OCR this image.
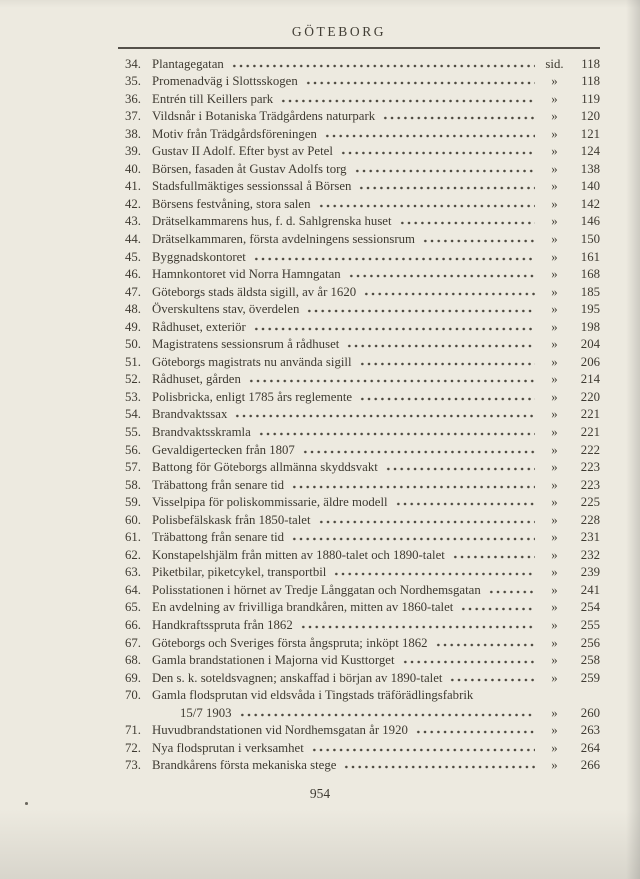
GÖTEBORG
34. Plantagegatan	sid.	118
35. Promenadväg i Slottsskogen	»	118
36. Entrén till Keillers park	»	119
37. Vildsnår i Botaniska Trädgårdens naturpark	»	120
38. Motiv från Trädgårdsföreningen	»	121
39. Gustav II Adolf. Efter byst av Petel	»	124
40. Börsen, fasaden åt Gustav Adolfs torg	»	138
41. Stadsfullmäktiges sessionssal å Börsen	»	140
42. Börsens festvåning, stora salen	»	142
43. Drätselkammarens hus, f. d. Sahlgrenska huset	»	146
44. Drätselkammaren, första avdelningens sessionsrum	»	150
45. Byggnadskontoret	»	161
46. Hamnkontoret vid Norra Hamngatan	»	168
47. Göteborgs stads äldsta sigill, av år 1620	»	185
48. Överskultens stav, överdelen	»	195
49. Rådhuset, exteriör	»	198
50. Magistratens sessionsrum å rådhuset	»	204
51. Göteborgs magistrats nu använda sigill	»	206
52. Rådhuset, gården	»	214
53. Polisbricka, enligt 1785 års reglemente	»	220
54. Brandvaktssax	»	221
55. Brandvaktsskramla	»	221
56. Gevaldigertecken från 1807	»	222
57. Battong för Göteborgs allmänna skyddsvakt	»	223
58. Träbattong från senare tid	»	223
59. Visselpipa för poliskommissarie, äldre modell	»	225
60. Polisbefälskask från 1850-talet	»	228
61. Träbattong från senare tid	»	231
62. Konstapelshjälm från mitten av 1880-talet och 1890-talet	»	232
63. Piketbilar, piketcykel, transportbil	»	239
64. Polisstationen i hörnet av Tredje Långgatan och Nordhemsgatan	»	241
65. En avdelning av frivilliga brandkåren, mitten av 1860-talet	»	254
66. Handkraftsspruta från 1862	»	255
67. Göteborgs och Sveriges första ångspruta; inköpt 1862	»	256
68. Gamla brandstationen i Majorna vid Kusttorget	»	258
69. Den s. k. soteldsvagnen; anskaffad i början av 1890-talet	»	259
70. Gamla flodsprutan vid eldsvåda i Tingstads träförädlingsfabrik
15/7 1903	»	260
71. Huvudbrandstationen vid Nordhemsgatan år 1920	»	263
72. Nya flodsprutan i verksamhet	»	264
73. Brandkårens första mekaniska stege	»	266
954
